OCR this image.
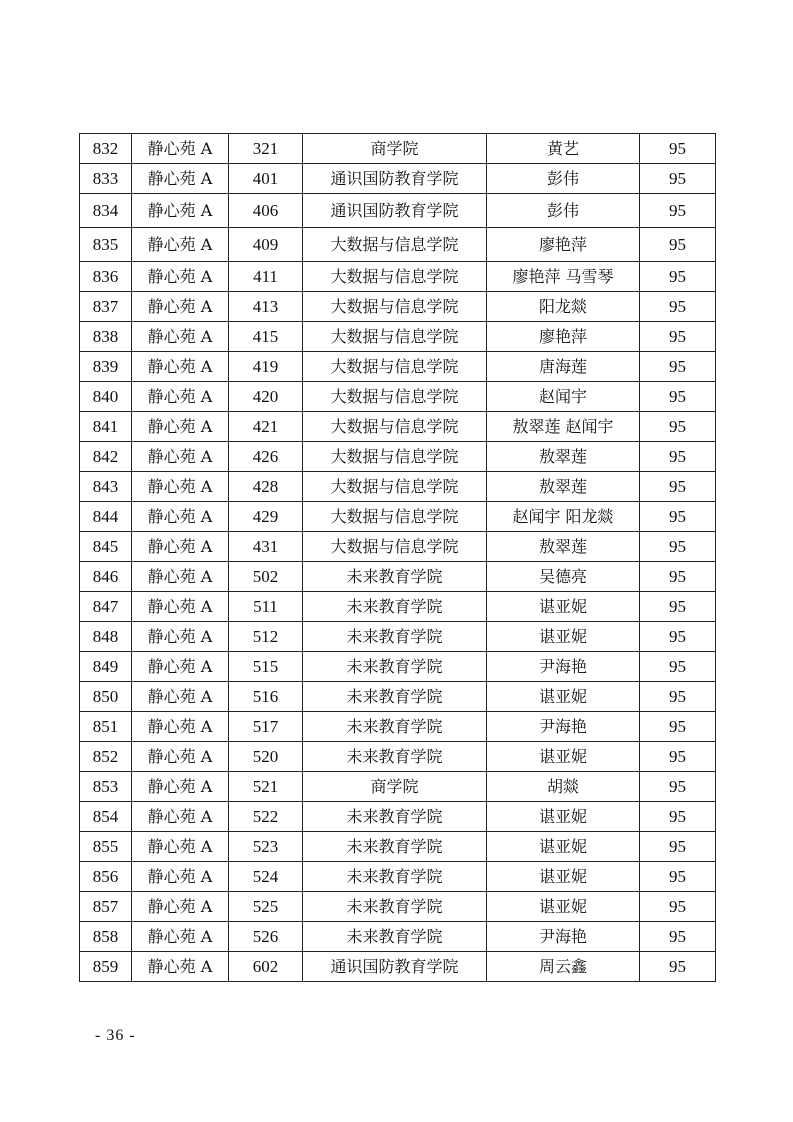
832	静心苑 A	321	商学院	黄艺	95
833	静心苑 A	401	通识国防教育学院	彭伟	95
834	静心苑 A	406	通识国防教育学院	彭伟	95
835	静心苑 A	409	大数据与信息学院	廖艳萍	95
836	静心苑 A	411	大数据与信息学院	廖艳萍 马雪琴	95
837	静心苑 A	413	大数据与信息学院	阳龙燚	95
838	静心苑 A	415	大数据与信息学院	廖艳萍	95
839	静心苑 A	419	大数据与信息学院	唐海莲	95
840	静心苑 A	420	大数据与信息学院	赵闻宇	95
841	静心苑 A	421	大数据与信息学院	敖翠莲 赵闻宇	95
842	静心苑 A	426	大数据与信息学院	敖翠莲	95
843	静心苑 A	428	大数据与信息学院	敖翠莲	95
844	静心苑 A	429	大数据与信息学院	赵闻宇 阳龙燚	95
845	静心苑 A	431	大数据与信息学院	敖翠莲	95
846	静心苑 A	502	未来教育学院	吴德亮	95
847	静心苑 A	511	未来教育学院	谌亚妮	95
848	静心苑 A	512	未来教育学院	谌亚妮	95
849	静心苑 A	515	未来教育学院	尹海艳	95
850	静心苑 A	516	未来教育学院	谌亚妮	95
851	静心苑 A	517	未来教育学院	尹海艳	95
852	静心苑 A	520	未来教育学院	谌亚妮	95
853	静心苑 A	521	商学院	胡燚	95
854	静心苑 A	522	未来教育学院	谌亚妮	95
855	静心苑 A	523	未来教育学院	谌亚妮	95
856	静心苑 A	524	未来教育学院	谌亚妮	95
857	静心苑 A	525	未来教育学院	谌亚妮	95
858	静心苑 A	526	未来教育学院	尹海艳	95
859	静心苑 A	602	通识国防教育学院	周云鑫	95
- 36 -
